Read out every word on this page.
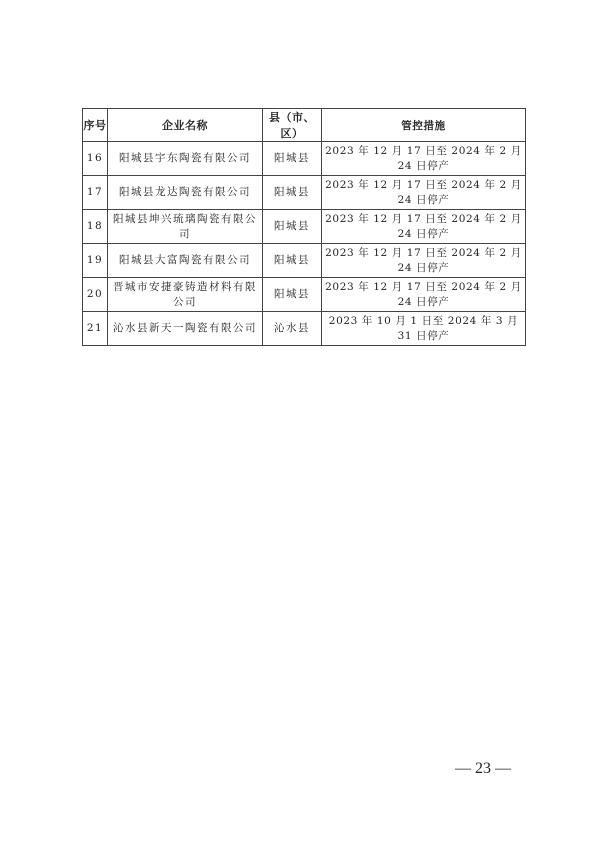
序号	企业名称	县（市、区）	管控措施
16	阳城县宇东陶瓷有限公司	阳城县	2023 年 12 月 17 日至 2024 年 2 月 24 日停产
17	阳城县龙达陶瓷有限公司	阳城县	2023 年 12 月 17 日至 2024 年 2 月 24 日停产
18	阳城县坤兴琉璃陶瓷有限公司	阳城县	2023 年 12 月 17 日至 2024 年 2 月 24 日停产
19	阳城县大富陶瓷有限公司	阳城县	2023 年 12 月 17 日至 2024 年 2 月 24 日停产
20	晋城市安捷豪铸造材料有限公司	阳城县	2023 年 12 月 17 日至 2024 年 2 月 24 日停产
21	沁水县新天一陶瓷有限公司	沁水县	2023 年 10 月 1 日至 2024 年 3 月 31 日停产
— 23 —
